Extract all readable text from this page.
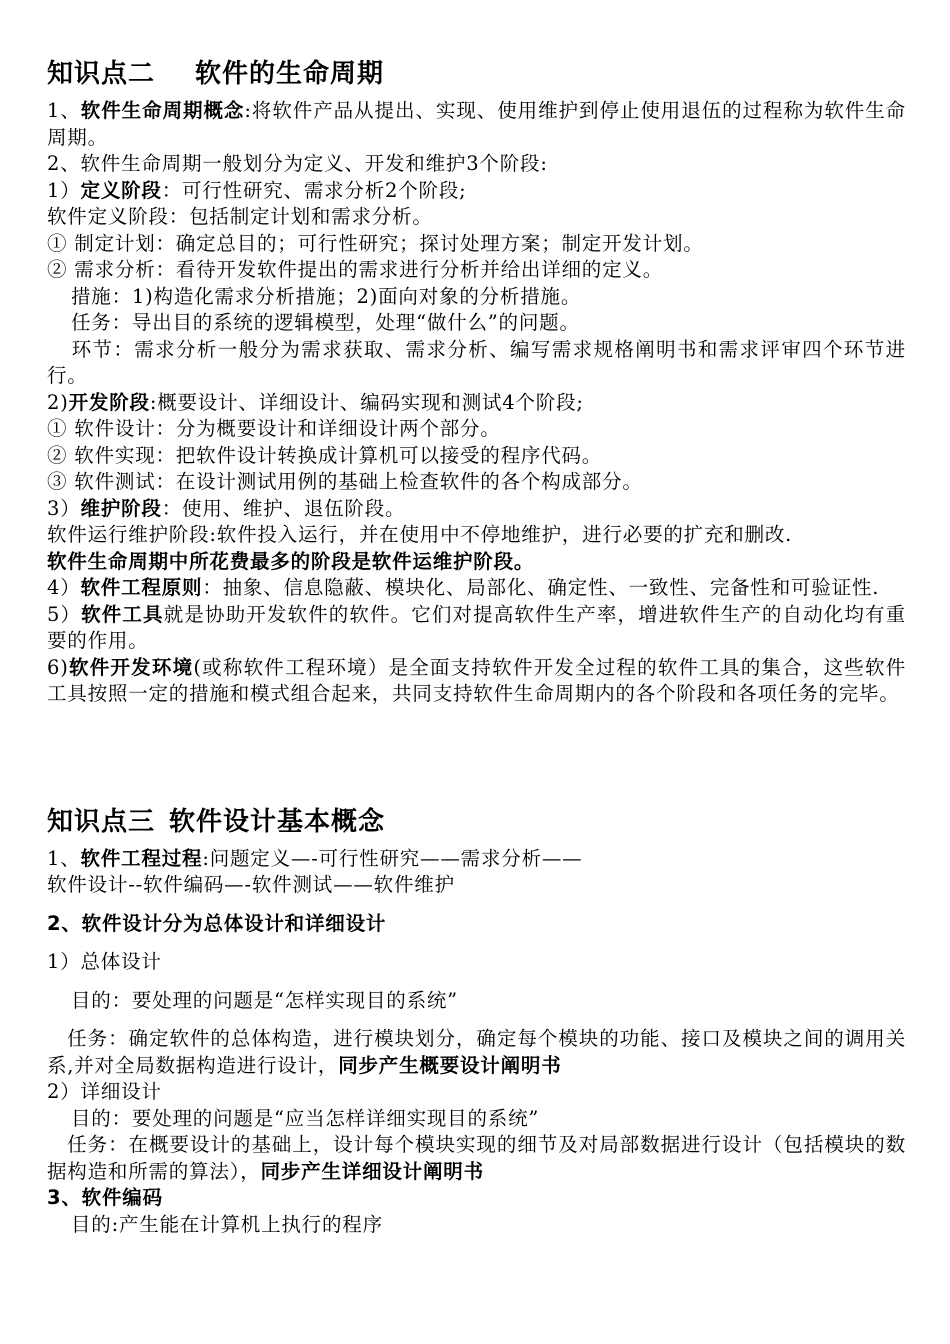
知识点二 软件的生命周期

1、软件生命周期概念:将软件产品从提出、实现、使用维护到停止使用退伍的过程称为软件生命周期。

2、软件生命周期一般划分为定义、开发和维护3个阶段:

1）定义阶段：可行性研究、需求分析2个阶段;

软件定义阶段：包括制定计划和需求分析。

① 制定计划：确定总目的；可行性研究；探讨处理方案；制定开发计划。

② 需求分析：看待开发软件提出的需求进行分析并给出详细的定义。

措施：1)构造化需求分析措施；2)面向对象的分析措施。

任务：导出目的系统的逻辑模型，处理“做什么”的问题。

环节：需求分析一般分为需求获取、需求分析、编写需求规格阐明书和需求评审四个环节进行。

2)开发阶段:概要设计、详细设计、编码实现和测试4个阶段;

① 软件设计：分为概要设计和详细设计两个部分。

② 软件实现：把软件设计转换成计算机可以接受的程序代码。

③ 软件测试：在设计测试用例的基础上检查软件的各个构成部分。

3）维护阶段：使用、维护、退伍阶段。

软件运行维护阶段:软件投入运行，并在使用中不停地维护，进行必要的扩充和删改.

软件生命周期中所花费最多的阶段是软件运维护阶段。

4）软件工程原则：抽象、信息隐蔽、模块化、局部化、确定性、一致性、完备性和可验证性.

5）软件工具就是协助开发软件的软件。它们对提高软件生产率，增进软件生产的自动化均有重要的作用。

6)软件开发环境(或称软件工程环境）是全面支持软件开发全过程的软件工具的集合，这些软件工具按照一定的措施和模式组合起来，共同支持软件生命周期内的各个阶段和各项任务的完毕。

知识点三 软件设计基本概念

1、软件工程过程:问题定义—-可行性研究——需求分析——

软件设计--软件编码—-软件测试——软件维护

2、软件设计分为总体设计和详细设计

1）总体设计

目的：要处理的问题是“怎样实现目的系统”

任务：确定软件的总体构造，进行模块划分，确定每个模块的功能、接口及模块之间的调用关系,并对全局数据构造进行设计，同步产生概要设计阐明书

2）详细设计

目的：要处理的问题是“应当怎样详细实现目的系统”

任务：在概要设计的基础上，设计每个模块实现的细节及对局部数据进行设计（包括模块的数据构造和所需的算法），同步产生详细设计阐明书

3、软件编码

目的:产生能在计算机上执行的程序
